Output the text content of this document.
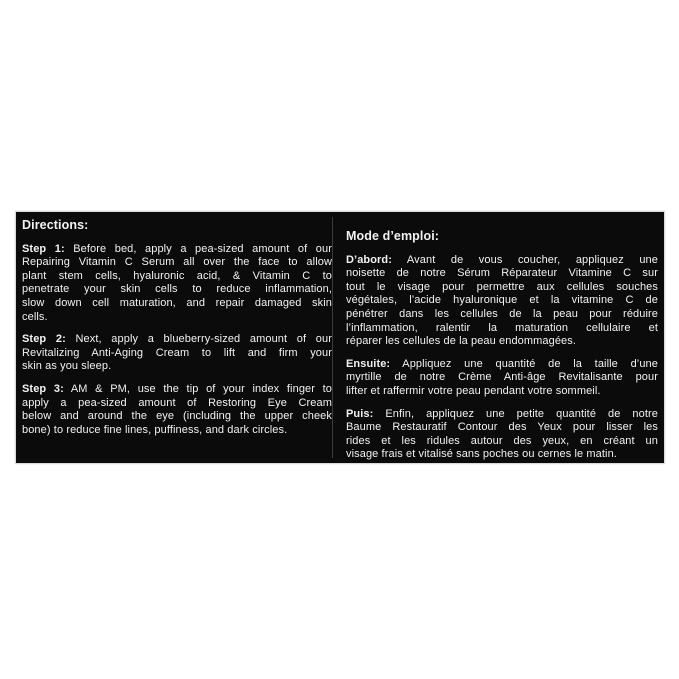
Directions:
Step 1: Before bed, apply a pea-sized amount of our
Repairing Vitamin C Serum all over the face to allow
plant stem cells, hyaluronic acid, & Vitamin C to
penetrate your skin cells to reduce inflammation,
slow down cell maturation, and repair damaged skin
cells.
Step 2: Next, apply a blueberry-sized amount of our
Revitalizing Anti-Aging Cream to lift and firm your
skin as you sleep.
Step 3: AM & PM, use the tip of your index finger to
apply a pea-sized amount of Restoring Eye Cream
below and around the eye (including the upper cheek
bone) to reduce fine lines, puffiness, and dark circles.
Mode d’emploi:
D’abord: Avant de vous coucher, appliquez une
noisette de notre Sérum Réparateur Vitamine C sur
tout le visage pour permettre aux cellules souches
végétales, l’acide hyaluronique et la vitamine C de
pénétrer dans les cellules de la peau pour réduire
l’inflammation, ralentir la maturation cellulaire et
réparer les cellules de la peau endommagées.
Ensuite: Appliquez une quantité de la taille d’une
myrtille de notre Crème Anti-âge Revitalisante pour
lifter et raffermir votre peau pendant votre sommeil.
Puis: Enfin, appliquez une petite quantité de notre
Baume Restauratif Contour des Yeux pour lisser les
rides et les ridules autour des yeux, en créant un
visage frais et vitalisé sans poches ou cernes le matin.
